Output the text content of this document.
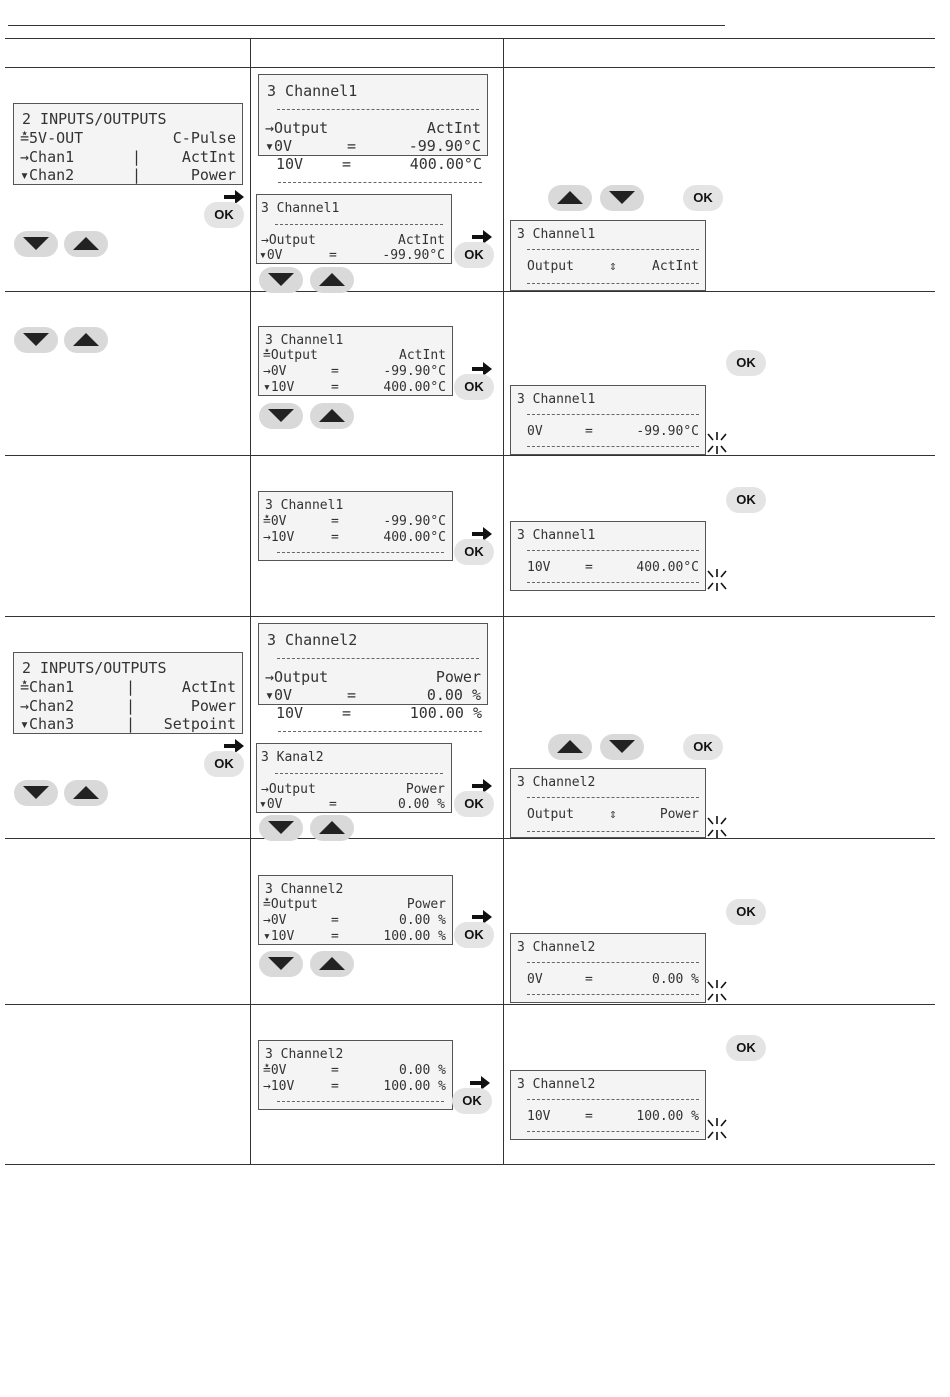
2 INPUTS/OUTPUTS

≛5V-OUT	C-Pulse

→Chan1	|	ActInt

▾Chan2	|	Power

OK

3 Channel1

→Output	ActInt

▾0V	=	-99.90°C

10V	=	400.00°C

3 Channel1

→Output	ActInt

▾0V	=	-99.90°C	OK
OK

3 Channel1

Output	⇕	ActInt

3 Channel1

≛Output	ActInt

→0V	=	-99.90°C

▾10V	=	400.00°C	OK
OK

3 Channel1

0V	=	-99.90°C

3 Channel1

≛0V	=	-99.90°C

→10V	=	400.00°C

OK
OK

3 Channel1

10V	=	400.00°C

2 INPUTS/OUTPUTS

≛Chan1	|	ActInt

→Chan2	|	Power

▾Chan3	| Setpoint

OK

3 Channel2

→Output	Power

▾0V	=	0.00 %

10V	=	100.00 %

3 Kanal2

→Output	Power

▾0V	=	0.00 %	OK
OK

3 Channel2

Output	⇕	Power

3 Channel2

≛Output	Power

→0V	=	0.00 %

▾10V	=	100.00 %	OK
OK

3 Channel2

0V	=	0.00 %

3 Channel2

≛0V	=	0.00 %

→10V	=	100.00 %

OK
OK

3 Channel2

10V	=	100.00 %
